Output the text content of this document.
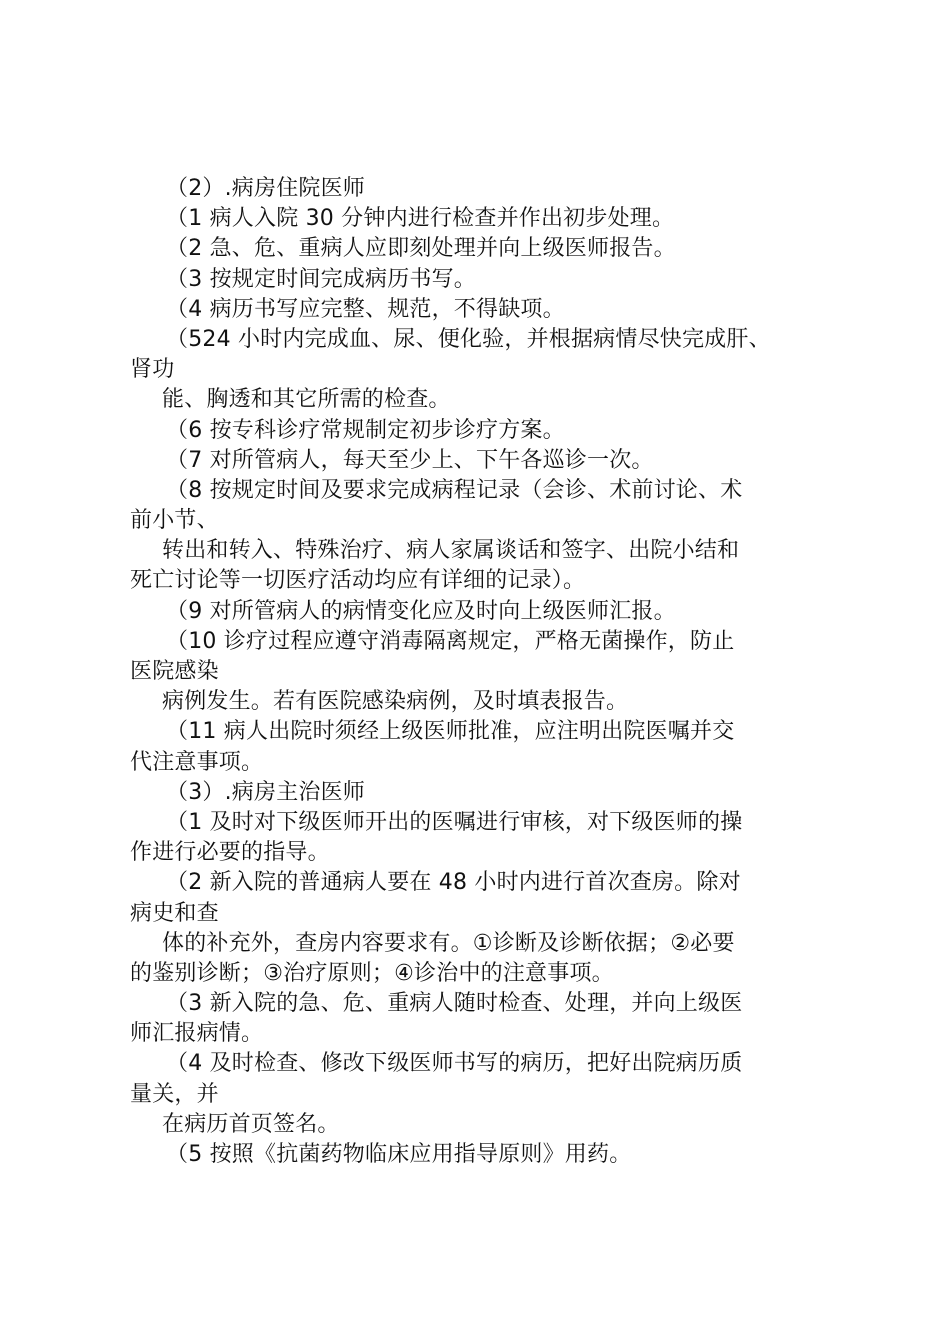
（2）.病房住院医师
（1 病人入院 30 分钟内进行检查并作出初步处理。
（2 急、危、重病人应即刻处理并向上级医师报告。
（3 按规定时间完成病历书写。
（4 病历书写应完整、规范，不得缺项。
（524 小时内完成血、尿、便化验，并根据病情尽快完成肝、
肾功
能、胸透和其它所需的检查。
（6 按专科诊疗常规制定初步诊疗方案。
（7 对所管病人，每天至少上、下午各巡诊一次。
（8 按规定时间及要求完成病程记录（会诊、术前讨论、术
前小节、
转出和转入、特殊治疗、病人家属谈话和签字、出院小结和
死亡讨论等一切医疗活动均应有详细的记录）。
（9 对所管病人的病情变化应及时向上级医师汇报。
（10 诊疗过程应遵守消毒隔离规定，严格无菌操作，防止
医院感染
病例发生。若有医院感染病例，及时填表报告。
（11 病人出院时须经上级医师批准，应注明出院医嘱并交
代注意事项。
（3）.病房主治医师
（1 及时对下级医师开出的医嘱进行审核，对下级医师的操
作进行必要的指导。
（2 新入院的普通病人要在 48 小时内进行首次查房。除对
病史和查
体的补充外，查房内容要求有。①诊断及诊断依据；②必要
的鉴别诊断；③治疗原则；④诊治中的注意事项。
（3 新入院的急、危、重病人随时检查、处理，并向上级医
师汇报病情。
（4 及时检查、修改下级医师书写的病历，把好出院病历质
量关，并
在病历首页签名。
（5 按照《抗菌药物临床应用指导原则》用药。
